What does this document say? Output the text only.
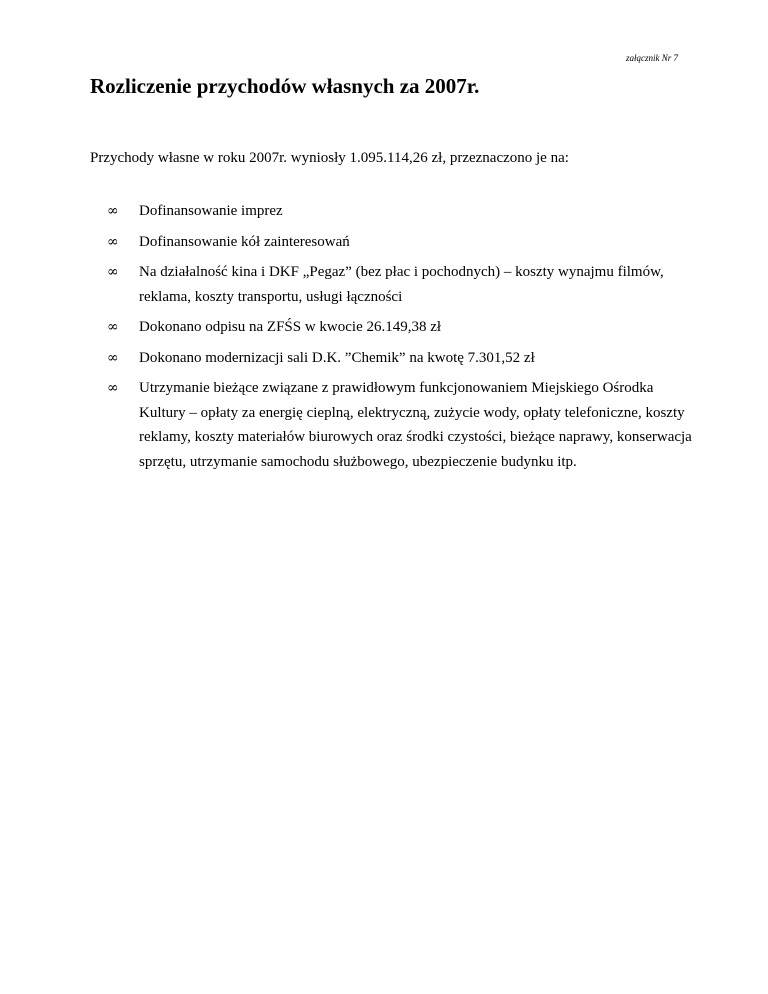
załącznik Nr 7
Rozliczenie przychodów własnych za 2007r.

Przychody własne w roku 2007r. wyniosły 1.095.114,26 zł, przeznaczono je na:

∞ Dofinansowanie imprez
∞ Dofinansowanie kół zainteresowań
∞ Na działalność kina i DKF „Pegaz” (bez płac i pochodnych) – koszty wynajmu filmów, reklama, koszty transportu, usługi łączności
∞ Dokonano odpisu na ZFŚS w kwocie 26.149,38 zł
∞ Dokonano modernizacji sali D.K. ”Chemik” na kwotę 7.301,52 zł
∞ Utrzymanie bieżące związane z prawidłowym funkcjonowaniem Miejskiego Ośrodka Kultury – opłaty za energię cieplną, elektryczną, zużycie wody, opłaty telefoniczne, koszty reklamy, koszty materiałów biurowych oraz środki czystości, bieżące naprawy, konserwacja sprzętu, utrzymanie samochodu służbowego, ubezpieczenie budynku itp.
